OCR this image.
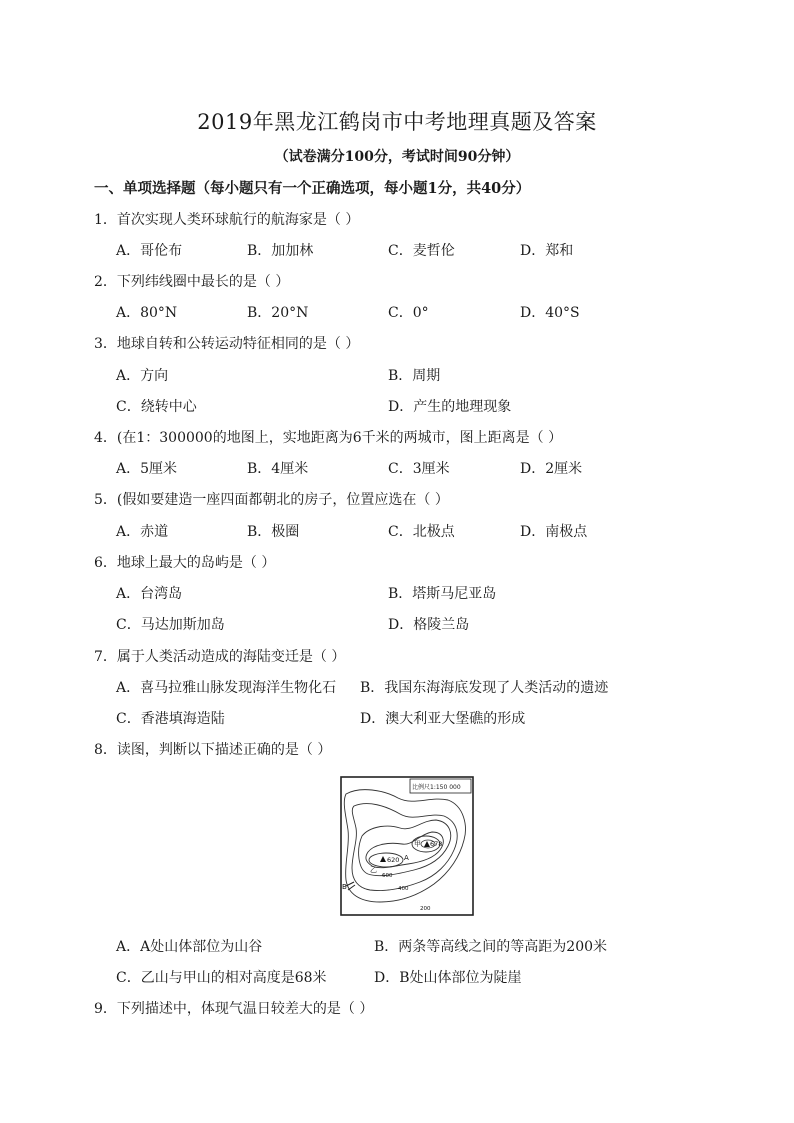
2019年黑龙江鹤岗市中考地理真题及答案
（试卷满分100分，考试时间90分钟）
一、单项选择题（每小题只有一个正确选项，每小题1分，共40分）
1．首次实现人类环球航行的航海家是（ ）
A．哥伦布	B．加加林	C．麦哲伦	D．郑和
2．下列纬线圈中最长的是（ ）
A．80°N	B．20°N	C．0°	D．40°S
3．地球自转和公转运动特征相同的是（ ）
A．方向	B．周期
C．绕转中心	D．产生的地理现象
4．(在1：300000的地图上，实地距离为6千米的两城市，图上距离是（ ）
A．5厘米	B．4厘米	C．3厘米	D．2厘米
5．(假如要建造一座四面都朝北的房子，位置应选在（ ）
A．赤道	B．极圈	C．北极点	D．南极点
6．地球上最大的岛屿是（ ）
A．台湾岛	B．塔斯马尼亚岛
C．马达加斯加岛	D．格陵兰岛
7．属于人类活动造成的海陆变迁是（ ）
A．喜马拉雅山脉发现海洋生物化石 B．我国东海海底发现了人类活动的遗迹
C．香港填海造陆	D．澳大利亚大堡礁的形成
8．读图，判断以下描述正确的是（ ）
比例尺1:150 000
620
乙
678
甲
A
B
600
400
200
A．A处山体部位为山谷	B．两条等高线之间的等高距为200米
C．乙山与甲山的相对高度是68米	D．B处山体部位为陡崖
9．下列描述中，体现气温日较差大的是（ ）
